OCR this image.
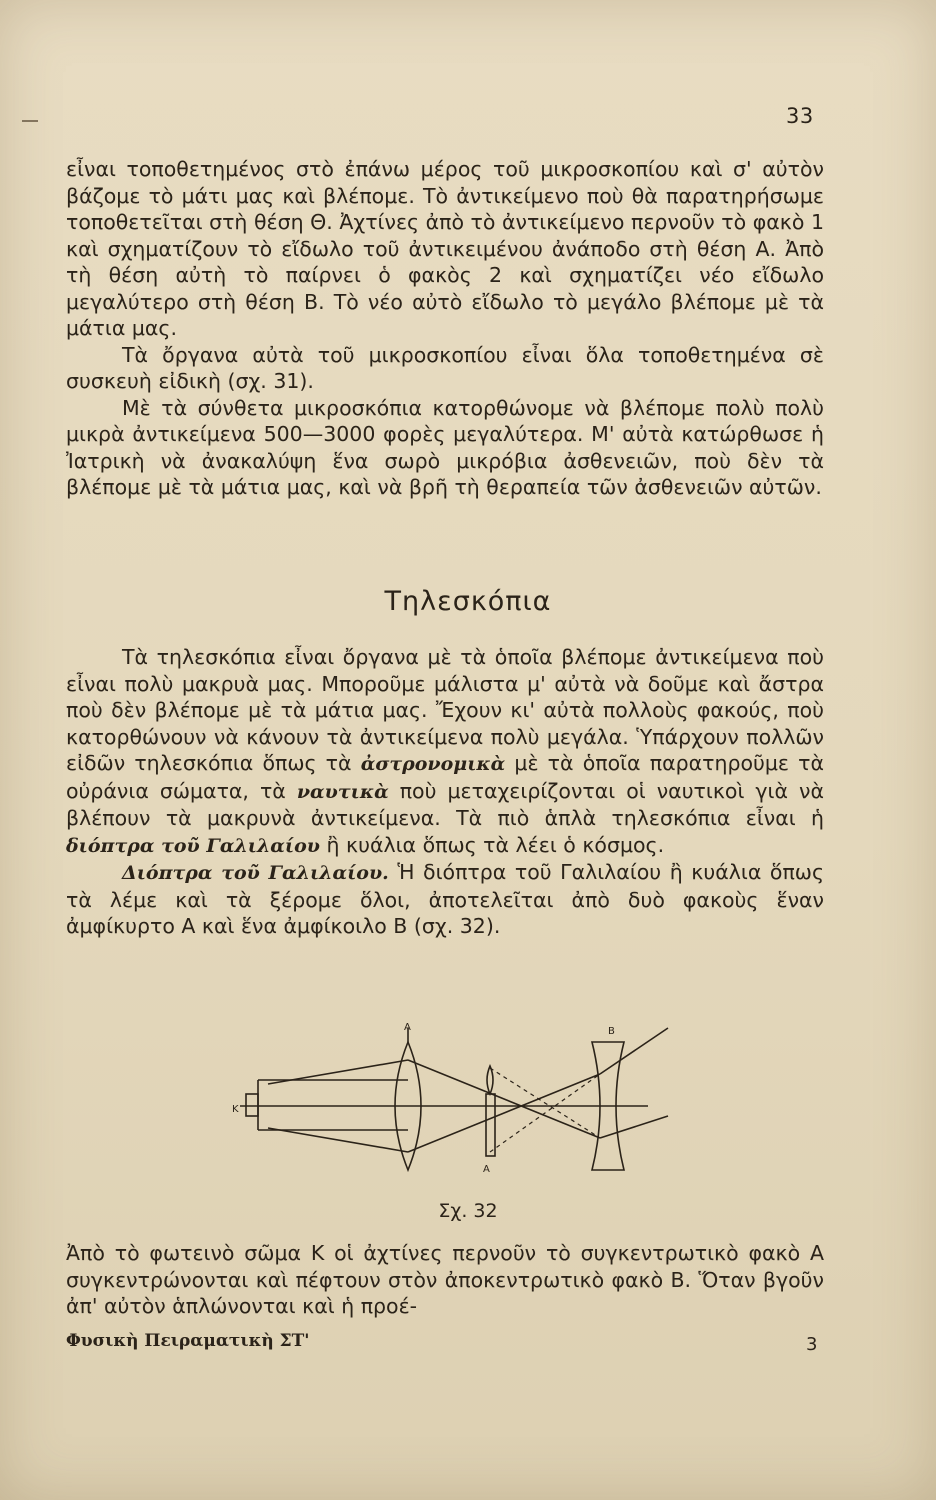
33

εἶναι τοποθετημένος στὸ ἐπάνω μέρος τοῦ μικροσκοπίου καὶ σ' αὐτὸν βάζομε τὸ μάτι μας καὶ βλέπομε. Τὸ ἀντικείμενο ποὺ θὰ παρατηρήσωμε τοποθετεῖται στὴ θέση Θ. Ἀχτίνες ἀπὸ τὸ ἀντικείμενο περνοῦν τὸ φακὸ 1 καὶ σχηματίζουν τὸ εἴδωλο τοῦ ἀντικειμένου ἀνάποδο στὴ θέση Α. Ἀπὸ τὴ θέση αὐτὴ τὸ παίρνει ὁ φακὸς 2 καὶ σχηματίζει νέο εἴδωλο μεγαλύτερο στὴ θέση Β. Τὸ νέο αὐτὸ εἴδωλο τὸ μεγάλο βλέπομε μὲ τὰ μάτια μας.

Τὰ ὄργανα αὐτὰ τοῦ μικροσκοπίου εἶναι ὅλα τοποθετημένα σὲ συσκευὴ εἰδικὴ (σχ. 31).

Μὲ τὰ σύνθετα μικροσκόπια κατορθώνομε νὰ βλέπομε πολὺ πολὺ μικρὰ ἀντικείμενα 500—3000 φορὲς μεγαλύτερα. Μ' αὐτὰ κατώρθωσε ἡ Ἰατρικὴ νὰ ἀνακαλύψη ἕνα σωρὸ μικρόβια ἀσθενειῶν, ποὺ δὲν τὰ βλέπομε μὲ τὰ μάτια μας, καὶ νὰ βρῆ τὴ θεραπεία τῶν ἀσθενειῶν αὐτῶν.

Τηλεσκόπια

Τὰ τηλεσκόπια εἶναι ὄργανα μὲ τὰ ὁποῖα βλέπομε ἀντικείμενα ποὺ εἶναι πολὺ μακρυὰ μας. Μποροῦμε μάλιστα μ' αὐτὰ νὰ δοῦμε καὶ ἄστρα ποὺ δὲν βλέπομε μὲ τὰ μάτια μας. Ἔχουν κι' αὐτὰ πολλοὺς φακούς, ποὺ κατορθώνουν νὰ κάνουν τὰ ἀντικείμενα πολὺ μεγάλα. Ὑπάρχουν πολλῶν εἰδῶν τηλεσκόπια ὅπως τὰ ἀστρονομικὰ μὲ τὰ ὁποῖα παρατηροῦμε τὰ οὐράνια σώματα, τὰ ναυτικὰ ποὺ μεταχειρίζονται οἱ ναυτικοὶ γιὰ νὰ βλέπουν τὰ μακρυνὰ ἀντικείμενα. Τὰ πιὸ ἁπλὰ τηλεσκόπια εἶναι ἡ διόπτρα τοῦ Γαλιλαίου ἢ κυάλια ὅπως τὰ λέει ὁ κόσμος.

Διόπτρα τοῦ Γαλιλαίου. Ἡ διόπτρα τοῦ Γαλιλαίου ἢ κυάλια ὅπως τὰ λέμε καὶ τὰ ξέρομε ὅλοι, ἀποτελεῖται ἀπὸ δυὸ φακοὺς ἕναν ἀμφίκυρτο Α καὶ ἕνα ἀμφίκοιλο Β (σχ. 32).

A	B
K
A
Σχ. 32

Ἀπὸ τὸ φωτεινὸ σῶμα Κ οἱ ἀχτίνες περνοῦν τὸ συγκεντρωτικὸ φακὸ Α συγκεντρώνονται καὶ πέφτουν στὸν ἀποκεντρωτικὸ φακὸ Β. Ὅταν βγοῦν ἀπ' αὐτὸν ἁπλώνονται καὶ ἡ προέ-

Φυσικὴ Πειραματικὴ ΣΤ'	3
